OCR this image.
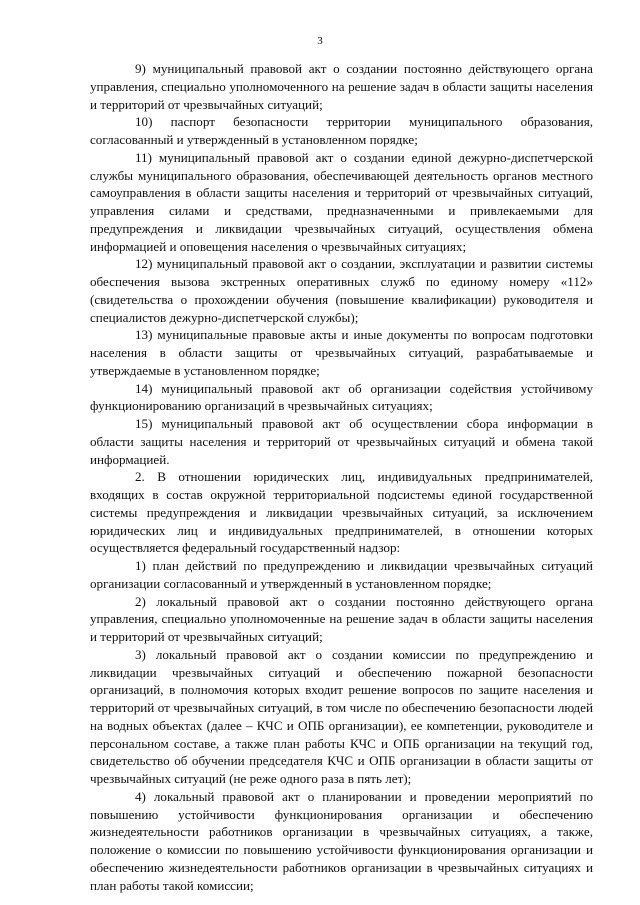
3

9) муниципальный правовой акт о создании постоянно действующего органа управления, специально уполномоченного на решение задач в области защиты населения и территорий от чрезвычайных ситуаций;

10) паспорт безопасности территории муниципального образования, согласованный и утвержденный в установленном порядке;

11) муниципальный правовой акт о создании единой дежурно-диспетчерской службы муниципального образования, обеспечивающей деятельность органов местного самоуправления в области защиты населения и территорий от чрезвычайных ситуаций, управления силами и средствами, предназначенными и привлекаемыми для предупреждения и ликвидации чрезвычайных ситуаций, осуществления обмена информацией и оповещения населения о чрезвычайных ситуациях;

12) муниципальный правовой акт о создании, эксплуатации и развитии системы обеспечения вызова экстренных оперативных служб по единому номеру «112» (свидетельства о прохождении обучения (повышение квалификации) руководителя и специалистов дежурно-диспетчерской службы);

13) муниципальные правовые акты и иные документы по вопросам подготовки населения в области защиты от чрезвычайных ситуаций, разрабатываемые и утверждаемые в установленном порядке;

14) муниципальный правовой акт об организации содействия устойчивому функционированию организаций в чрезвычайных ситуациях;

15) муниципальный правовой акт об осуществлении сбора информации в области защиты населения и территорий от чрезвычайных ситуаций и обмена такой информацией.

2. В отношении юридических лиц, индивидуальных предпринимателей, входящих в состав окружной территориальной подсистемы единой государственной системы предупреждения и ликвидации чрезвычайных ситуаций, за исключением юридических лиц и индивидуальных предпринимателей, в отношении которых осуществляется федеральный государственный надзор:

1) план действий по предупреждению и ликвидации чрезвычайных ситуаций организации согласованный и утвержденный в установленном порядке;

2) локальный правовой акт о создании постоянно действующего органа управления, специально уполномоченные на решение задач в области защиты населения и территорий от чрезвычайных ситуаций;

3) локальный правовой акт о создании комиссии по предупреждению и ликвидации чрезвычайных ситуаций и обеспечению пожарной безопасности организаций, в полномочия которых входит решение вопросов по защите населения и территорий от чрезвычайных ситуаций, в том числе по обеспечению безопасности людей на водных объектах (далее – КЧС и ОПБ организации), ее компетенции, руководителе и персональном составе, а также план работы КЧС и ОПБ организации на текущий год, свидетельство об обучении председателя КЧС и ОПБ организации в области защиты от чрезвычайных ситуаций (не реже одного раза в пять лет);

4) локальный правовой акт о планировании и проведении мероприятий по повышению устойчивости функционирования организации и обеспечению жизнедеятельности работников организации в чрезвычайных ситуациях, а также, положение о комиссии по повышению устойчивости функционирования организации и обеспечению жизнедеятельности работников организации в чрезвычайных ситуациях и план работы такой комиссии;
